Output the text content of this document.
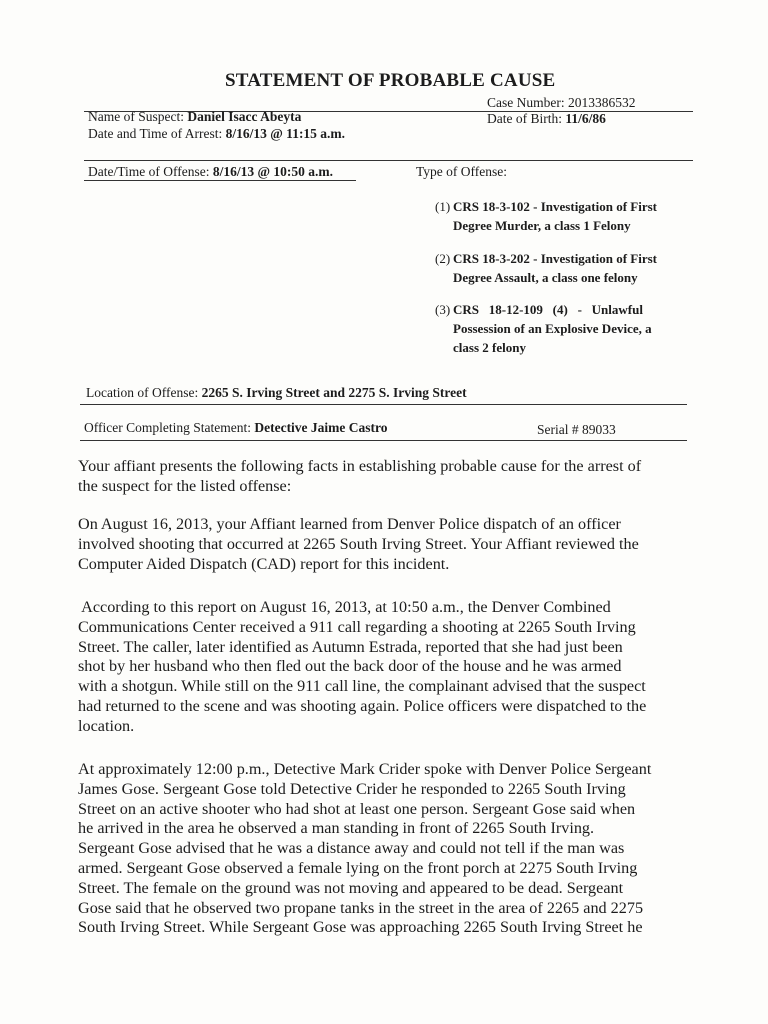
STATEMENT OF PROBABLE CAUSE
Case Number: 2013386532
Name of Suspect: Daniel Isacc Abeyta	Date of Birth: 11/6/86
Date and Time of Arrest: 8/16/13 @ 11:15 a.m.
Date/Time of Offense: 8/16/13 @ 10:50 a.m.	Type of Offense:
(1) CRS 18-3-102 - Investigation of First
Degree Murder, a class 1 Felony
(2) CRS 18-3-202 - Investigation of First
Degree Assault, a class one felony
(3) CRS   18-12-109   (4)   -   Unlawful
Possession of an Explosive Device, a
class 2 felony
Location of Offense: 2265 S. Irving Street and 2275 S. Irving Street
Officer Completing Statement: Detective Jaime Castro	Serial # 89033
Your affiant presents the following facts in establishing probable cause for the arrest of
the suspect for the listed offense:
On August 16, 2013, your Affiant learned from Denver Police dispatch of an officer
involved shooting that occurred at 2265 South Irving Street. Your Affiant reviewed the
Computer Aided Dispatch (CAD) report for this incident.
According to this report on August 16, 2013, at 10:50 a.m., the Denver Combined
Communications Center received a 911 call regarding a shooting at 2265 South Irving
Street. The caller, later identified as Autumn Estrada, reported that she had just been
shot by her husband who then fled out the back door of the house and he was armed
with a shotgun. While still on the 911 call line, the complainant advised that the suspect
had returned to the scene and was shooting again. Police officers were dispatched to the
location.
At approximately 12:00 p.m., Detective Mark Crider spoke with Denver Police Sergeant
James Gose. Sergeant Gose told Detective Crider he responded to 2265 South Irving
Street on an active shooter who had shot at least one person. Sergeant Gose said when
he arrived in the area he observed a man standing in front of 2265 South Irving.
Sergeant Gose advised that he was a distance away and could not tell if the man was
armed. Sergeant Gose observed a female lying on the front porch at 2275 South Irving
Street. The female on the ground was not moving and appeared to be dead. Sergeant
Gose said that he observed two propane tanks in the street in the area of 2265 and 2275
South Irving Street. While Sergeant Gose was approaching 2265 South Irving Street he
